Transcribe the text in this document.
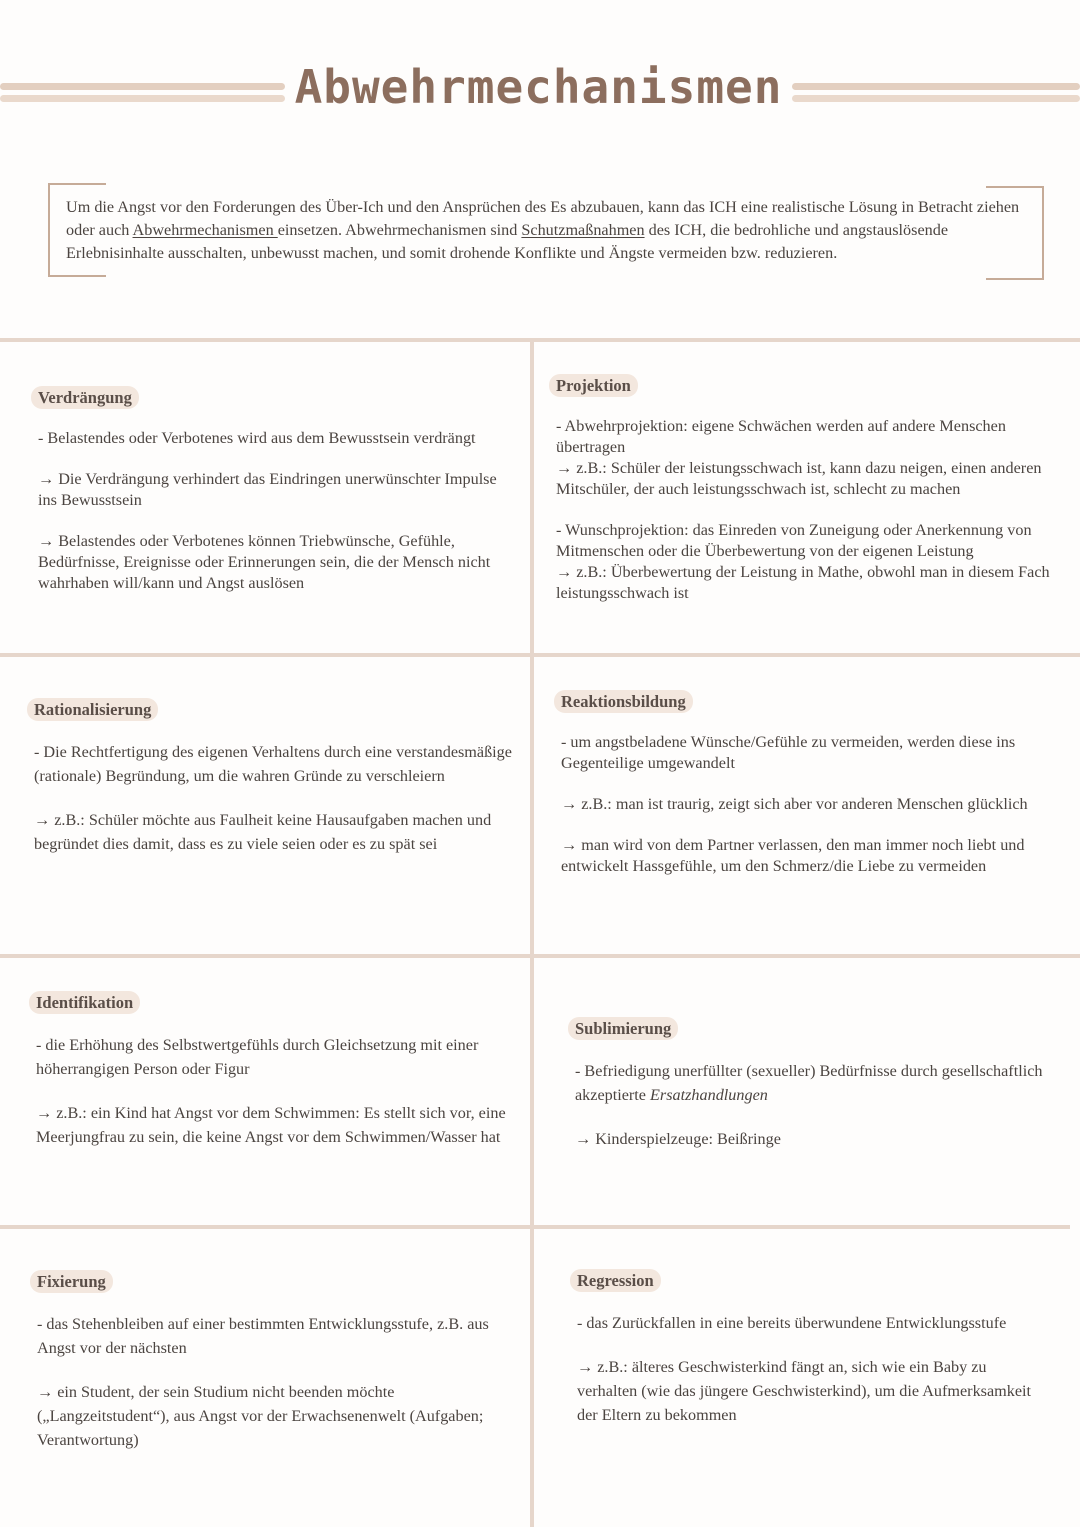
Abwehrmechanismen
Um die Angst vor den Forderungen des Über-Ich und den Ansprüchen des Es abzubauen, kann das ICH eine realistische Lösung in Betracht ziehen oder auch Abwehrmechanismen einsetzen. Abwehrmechanismen sind Schutzmaßnahmen des ICH, die bedrohliche und angstauslösende Erlebnisinhalte ausschalten, unbewusst machen, und somit drohende Konflikte und Ängste vermeiden bzw. reduzieren.
Verdrängung

- Belastendes oder Verbotenes wird aus dem Bewusstsein verdrängt

→ Die Verdrängung verhindert das Eindringen unerwünschter Impulse ins Bewusstsein

→ Belastendes oder Verbotenes können Triebwünsche, Gefühle, Bedürfnisse, Ereignisse oder Erinnerungen sein, die der Mensch nicht wahrhaben will/kann und Angst auslösen

Projektion

- Abwehrprojektion: eigene Schwächen werden auf andere Menschen übertragen

→ z.B.: Schüler der leistungsschwach ist, kann dazu neigen, einen anderen Mitschüler, der auch leistungsschwach ist, schlecht zu machen

- Wunschprojektion: das Einreden von Zuneigung oder Anerkennung von Mitmenschen oder die Überbewertung von der eigenen Leistung

→ z.B.: Überbewertung der Leistung in Mathe, obwohl man in diesem Fach leistungsschwach ist

Rationalisierung

- Die Rechtfertigung des eigenen Verhaltens durch eine verstandesmäßige (rationale) Begründung, um die wahren Gründe zu verschleiern

→ z.B.: Schüler möchte aus Faulheit keine Hausaufgaben machen und begründet dies damit, dass es zu viele seien oder es zu spät sei

Reaktionsbildung

- um angstbeladene Wünsche/Gefühle zu vermeiden, werden diese ins Gegenteilige umgewandelt

→ z.B.: man ist traurig, zeigt sich aber vor anderen Menschen glücklich

→ man wird von dem Partner verlassen, den man immer noch liebt und entwickelt Hassgefühle, um den Schmerz/die Liebe zu vermeiden

Identifikation

- die Erhöhung des Selbstwertgefühls durch Gleichsetzung mit einer höherrangigen Person oder Figur

→ z.B.: ein Kind hat Angst vor dem Schwimmen: Es stellt sich vor, eine Meerjungfrau zu sein, die keine Angst vor dem Schwimmen/Wasser hat

Sublimierung

- Befriedigung unerfüllter (sexueller) Bedürfnisse durch gesellschaftlich akzeptierte Ersatzhandlungen

→ Kinderspielzeuge: Beißringe

Fixierung

- das Stehenbleiben auf einer bestimmten Entwicklungsstufe, z.B. aus Angst vor der nächsten

→ ein Student, der sein Studium nicht beenden möchte („Langzeitstudent“), aus Angst vor der Erwachsenenwelt (Aufgaben; Verantwortung)

Regression

- das Zurückfallen in eine bereits überwundene Entwicklungsstufe

→ z.B.: älteres Geschwisterkind fängt an, sich wie ein Baby zu verhalten (wie das jüngere Geschwisterkind), um die Aufmerksamkeit der Eltern zu bekommen
